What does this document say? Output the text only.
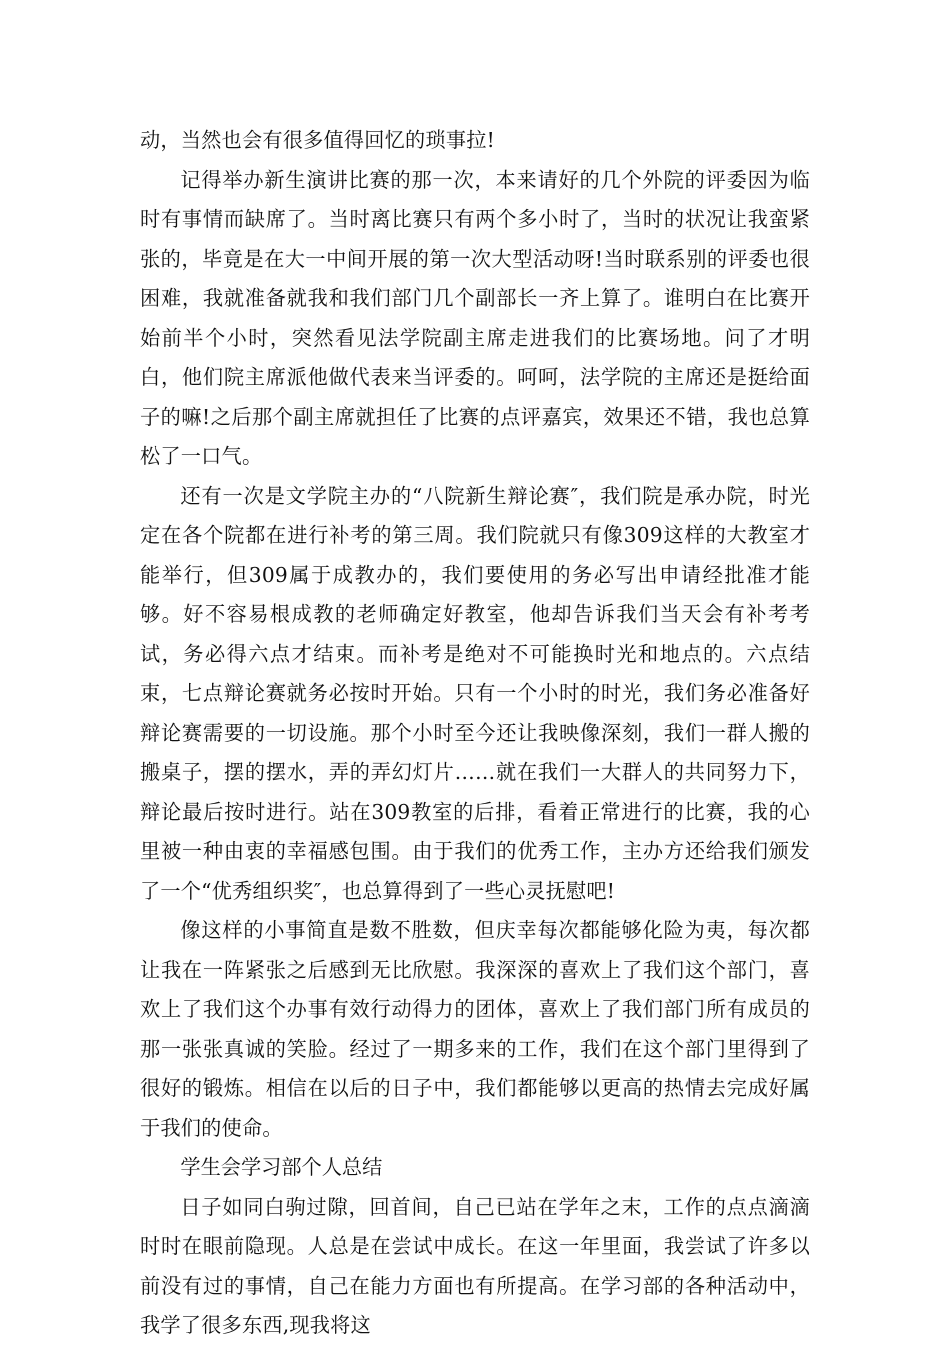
动，当然也会有很多值得回忆的琐事拉!

记得举办新生演讲比赛的那一次，本来请好的几个外院的评委因为临时有事情而缺席了。当时离比赛只有两个多小时了，当时的状况让我蛮紧张的，毕竟是在大一中间开展的第一次大型活动呀!当时联系别的评委也很困难，我就准备就我和我们部门几个副部长一齐上算了。谁明白在比赛开始前半个小时，突然看见法学院副主席走进我们的比赛场地。问了才明白，他们院主席派他做代表来当评委的。呵呵，法学院的主席还是挺给面子的嘛!之后那个副主席就担任了比赛的点评嘉宾，效果还不错，我也总算松了一口气。

还有一次是文学院主办的“八院新生辩论赛″，我们院是承办院，时光定在各个院都在进行补考的第三周。我们院就只有像309这样的大教室才能举行，但309属于成教办的，我们要使用的务必写出申请经批准才能够。好不容易根成教的老师确定好教室，他却告诉我们当天会有补考考试，务必得六点才结束。而补考是绝对不可能换时光和地点的。六点结束，七点辩论赛就务必按时开始。只有一个小时的时光，我们务必准备好辩论赛需要的一切设施。那个小时至今还让我映像深刻，我们一群人搬的搬桌子，摆的摆水，弄的弄幻灯片……就在我们一大群人的共同努力下，辩论最后按时进行。站在309教室的后排，看着正常进行的比赛，我的心里被一种由衷的幸福感包围。由于我们的优秀工作，主办方还给我们颁发了一个“优秀组织奖″，也总算得到了一些心灵抚慰吧!

像这样的小事简直是数不胜数，但庆幸每次都能够化险为夷，每次都让我在一阵紧张之后感到无比欣慰。我深深的喜欢上了我们这个部门，喜欢上了我们这个办事有效行动得力的团体，喜欢上了我们部门所有成员的那一张张真诚的笑脸。经过了一期多来的工作，我们在这个部门里得到了很好的锻炼。相信在以后的日子中，我们都能够以更高的热情去完成好属于我们的使命。

学生会学习部个人总结

日子如同白驹过隙，回首间，自己已站在学年之末，工作的点点滴滴时时在眼前隐现。人总是在尝试中成长。在这一年里面，我尝试了许多以前没有过的事情，自己在能力方面也有所提高。在学习部的各种活动中，我学了很多东西,现我将这
